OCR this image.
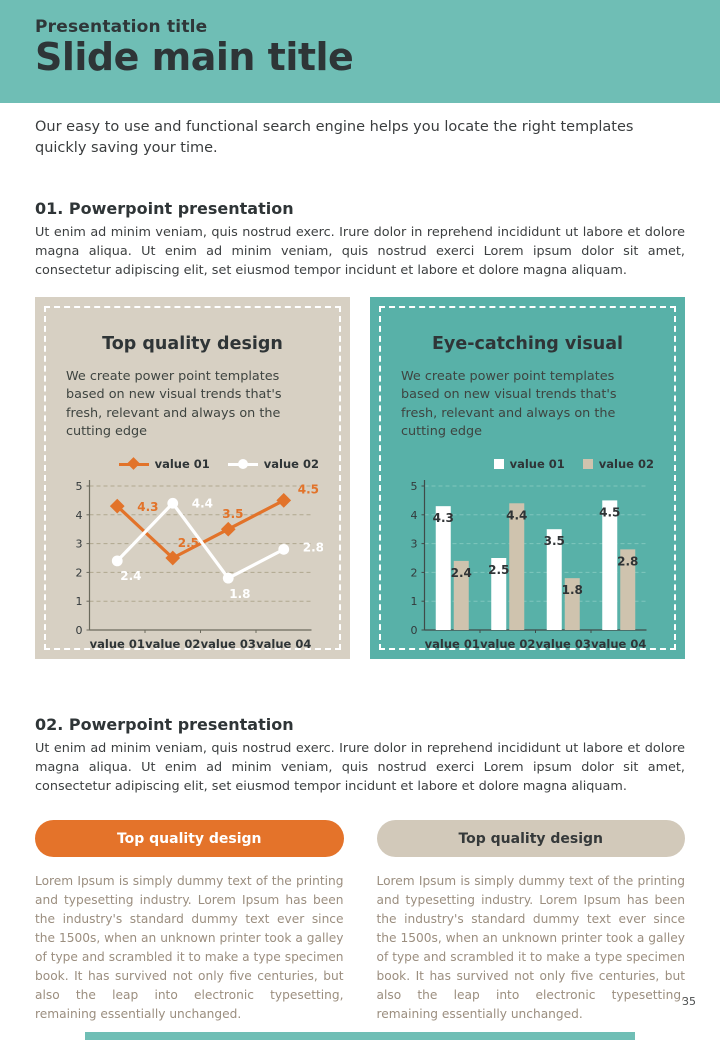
Presentation title
Slide main title

Our easy to use and functional search engine helps you locate the right templates quickly saving your time.

01. Powerpoint presentation

Ut enim ad minim veniam, quis nostrud exerc. Irure dolor in reprehend incididunt ut labore et dolore magna aliqua. Ut enim ad minim veniam, quis nostrud exerci Lorem ipsum dolor sit amet, consectetur adipiscing elit, set eiusmod tempor incidunt et labore et dolore magna aliquam.

Top quality design
We create power point templates based on new visual trends that's fresh, relevant and always on the cutting edge
value 01	value 02
0
1
2
3
4
5
value 01 value 02 value 03 value 04
4.3
2.5
3.5
4.5
2.4
4.4
1.8
2.8
Eye-catching visual
We create power point templates based on new visual trends that's fresh, relevant and always on the cutting edge
value 01	value 02
0
1
2
3
4
5
value 01 value 02 value 03 value 04
4.3
2.5
3.5
4.5
2.4
4.4
1.8
2.8
02. Powerpoint presentation

Ut enim ad minim veniam, quis nostrud exerc. Irure dolor in reprehend incididunt ut labore et dolore magna aliqua. Ut enim ad minim veniam, quis nostrud exerci Lorem ipsum dolor sit amet, consectetur adipiscing elit, set eiusmod tempor incidunt et labore et dolore magna aliquam.

Top quality design

Lorem Ipsum is simply dummy text of the printing and typesetting industry. Lorem Ipsum has been the industry's standard dummy text ever since the 1500s, when an unknown printer took a galley of type and scrambled it to make a type specimen book. It has survived not only five centuries, but also the leap into electronic typesetting, remaining essentially unchanged.

Top quality design

Lorem Ipsum is simply dummy text of the printing and typesetting industry. Lorem Ipsum has been the industry's standard dummy text ever since the 1500s, when an unknown printer took a galley of type and scrambled it to make a type specimen book. It has survived not only five centuries, but also the leap into electronic typesetting, remaining essentially unchanged.

35
